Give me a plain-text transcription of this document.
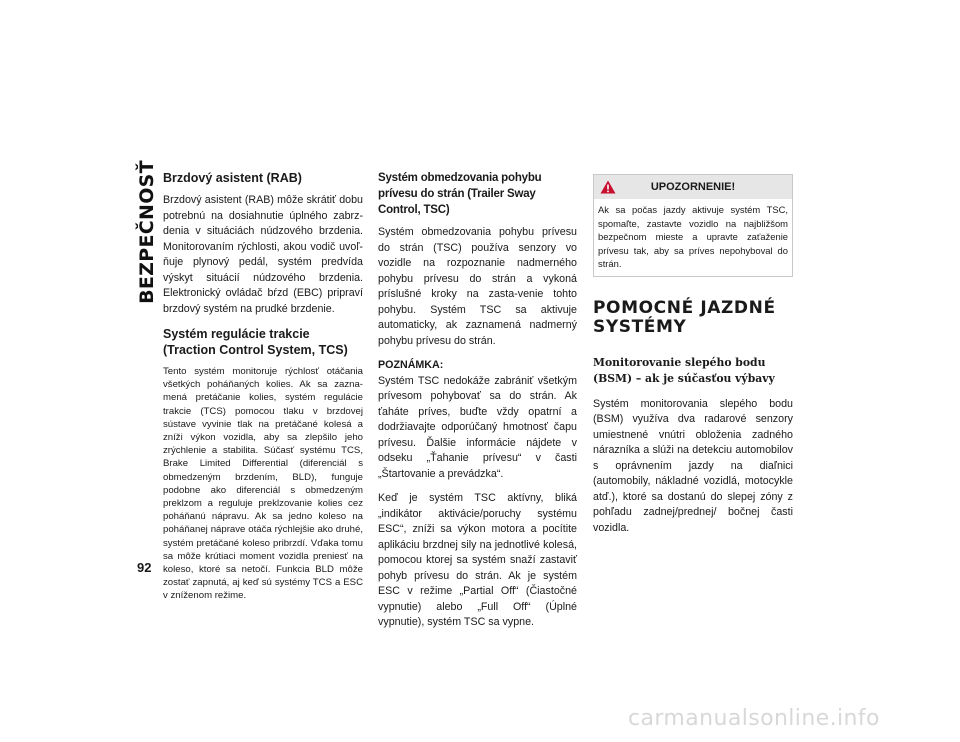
BEZPEČNOSŤ
92
Brzdový asistent (RAB)

Brzdový asistent (RAB) môže skrátiť dobu potrebnú na dosiahnutie úplného zabrz-denia v situáciách núdzového brzdenia. Monitorovaním rýchlosti, akou vodič uvoľ-ňuje plynový pedál, systém predvída výskyt situácií núdzového brzdenia. Elektronický ovládač bŕzd (EBC) pripraví brzdový systém na prudké brzdenie.

Systém regulácie trakcie (Traction Control System, TCS)

Tento systém monitoruje rýchlosť otáčania všetkých poháňaných kolies. Ak sa zazna-mená pretáčanie kolies, systém regulácie trakcie (TCS) pomocou tlaku v brzdovej sústave vyvinie tlak na pretáčané kolesá a zníži výkon vozidla, aby sa zlepšilo jeho zrýchlenie a stabilita. Súčasť systému TCS, Brake Limited Differential (diferenciál s obmedzeným brzdením, BLD), funguje podobne ako diferenciál s obmedzeným preklzom a reguluje preklzovanie kolies cez poháňanú nápravu. Ak sa jedno koleso na poháňanej náprave otáča rýchlejšie ako druhé, systém pretáčané koleso pribrzdí. Vďaka tomu sa môže krútiaci moment vozidla preniesť na koleso, ktoré sa netočí. Funkcia BLD môže zostať zapnutá, aj keď sú systémy TCS a ESC v zníženom režime.

Systém obmedzovania pohybu prívesu do strán (Trailer Sway Control, TSC)

Systém obmedzovania pohybu prívesu do strán (TSC) používa senzory vo vozidle na rozpoznanie nadmerného pohybu prívesu do strán a vykoná príslušné kroky na zasta-venie tohto pohybu. Systém TSC sa aktivuje automaticky, ak zaznamená nadmerný pohybu prívesu do strán.

POZNÁMKA:
Systém TSC nedokáže zabrániť všetkým prívesom pohybovať sa do strán. Ak ťaháte príves, buďte vždy opatrní a dodržiavajte odporúčaný hmotnosť čapu prívesu. Ďalšie informácie nájdete v odseku „Ťahanie prívesu“ v časti „Štartovanie a prevádzka“.

Keď je systém TSC aktívny, bliká „indikátor aktivácie/poruchy systému ESC“, zníži sa výkon motora a pocítite aplikáciu brzdnej sily na jednotlivé kolesá, pomocou ktorej sa systém snaží zastaviť pohyb prívesu do strán. Ak je systém ESC v režime „Partial Off“ (Čiastočné vypnutie) alebo „Full Off“ (Úplné vypnutie), systém TSC sa vypne.

UPOZORNENIE!
Ak sa počas jazdy aktivuje systém TSC, spomaľte, zastavte vozidlo na najbližšom bezpečnom mieste a upravte zaťaženie prívesu tak, aby sa príves nepohyboval do strán.
POMOCNÉ JAZDNÉ SYSTÉMY
Monitorovanie slepého bodu (BSM) – ak je súčasťou výbavy

Systém monitorovania slepého bodu (BSM) využíva dva radarové senzory umiestnené vnútri obloženia zadného nárazníka a slúži na detekciu automobilov s oprávnením jazdy na diaľnici (automobily, nákladné vozidlá, motocykle atď.), ktoré sa dostanú do slepej zóny z pohľadu zadnej/prednej/ bočnej časti vozidla.

carmanualsonline.info
